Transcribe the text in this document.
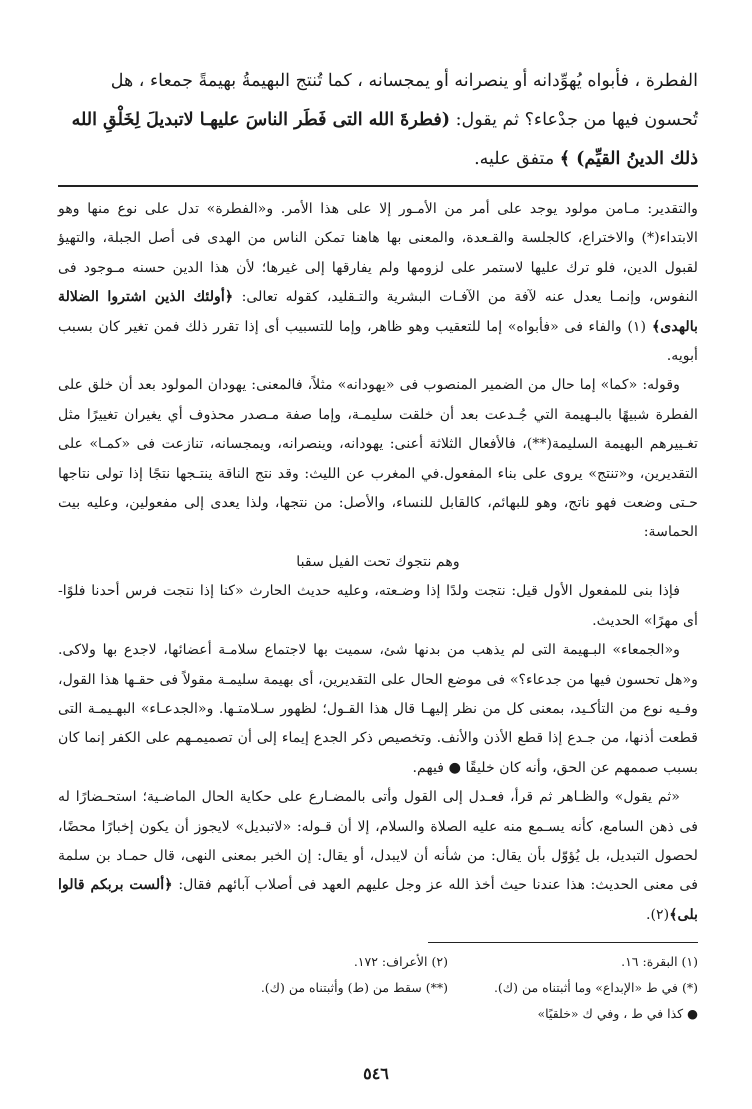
الفطرة ، فأبواه يُهوِّدانه أو ينصرانه أو يمجسانه ، كما تُنتج البهيمةُ بهيمةً جمعاء ، هل

تُحسون فيها من جدْعاء؟ ثم يقول: (فطرةَ الله التى فَطَر الناسَ عليهـا لاتبديلَ لِخَلْقِ الله

ذلك الدينُ القيِّم) ﴾ متفق عليه.

والتقدير: مـامن مولود يوجد على أمر من الأمـور إلا على هذا الأمر. و«الفطرة» تدل على نوع منها وهو الابتداء(*) والاختراع، كالجلسة والقـعدة، والمعنى بها هاهنا تمكن الناس من الهدى فى أصل الجبلة، والتهيؤ لقبول الدين، فلو ترك عليها لاستمر على لزومها ولم يفارقها إلى غيرها؛ لأن هذا الدين حسنه مـوجود فى النفوس، وإنمـا يعدل عنه لآفة من الآفـات البشرية والتـقليد، كقوله تعالى: ﴿أولئك الذين اشتروا الضلالة بالهدى﴾ (١) والفاء فى «فأبواه» إما للتعقيب وهو ظاهر، وإما للتسبيب أى إذا تقرر ذلك فمن تغير كان بسبب أبويه.

وقوله: «كما» إما حال من الضمير المنصوب فى «يهودانه» مثلاً، فالمعنى: يهودان المولود بعد أن خلق على الفطرة شبيهًا بالبـهيمة التي جُـدعت بعد أن خلقت سليمـة، وإما صفة مـصدر محذوف أي يغيران تغييرًا مثل تغـييرهم البهيمة السليمة(**)، فالأفعال الثلاثة أعنى: يهودانه، وينصرانه، ويمجسانه، تنازعت فى «كمـا» على التقديرين، و«تنتج» يروى على بناء المفعول.في المغرب عن الليث: وقد نتج الناقة ينتـجها نتجًا إذا تولى نتاجها حـتى وضعت فهو ناتج، وهو للبهائم، كالقابل للنساء، والأصل: من نتجها، ولذا يعدى إلى مفعولين، وعليه بيت الحماسة:

وهم نتجوك تحت الفيل سقبا

فإذا بنى للمفعول الأول قيل: نتجت ولدًا إذا وضـعته، وعليه حديث الحارث «كنا إذا نتجت فرس أحدنا فلوًا- أى مهرًا» الحديث.

و«الجمعاء» البـهيمة التى لم يذهب من بدنها شئ، سميت بها لاجتماع سلامـة أعضائها، لاجدع بها ولاكى. و«هل تحسون فيها من جدعاء؟» فى موضع الحال على التقديرين، أى بهيمة سليمـة مقولاً فى حقـها هذا القول، وفـيه نوع من التأكـيد، بمعنى كل من نظر إليهـا قال هذا القـول؛ لظهور سـلامتـها. و«الجدعـاء» البهـيمـة التى قطعت أذنها، من جـدع إذا قطع الأذن والأنف. وتخصيص ذكر الجدع إيماء إلى أن تصميمـهم على الكفر إنما كان بسبب صممهم عن الحق، وأنه كان خليقًا ● فيهم.

«ثم يقول» والظـاهر ثم قرأ، فعـدل إلى القول وأتى بالمضـارع على حكاية الحال الماضـية؛ استحـضارًا له فى ذهن السامع، كأنه يسـمع منه عليه الصلاة والسلام، إلا أن قـوله: «لاتبديل» لايجوز أن يكون إخبارًا محضًا، لحصول التبديل، بل يُؤوّل بأن يقال: من شأنه أن لايبدل، أو يقال: إن الخبر بمعنى النهى، قال حمـاد بن سلمة فى معنى الحديث: هذا عندنا حيث أخذ الله عز وجل عليهم العهد فى أصلاب آبائهم فقال: ﴿ألست بربكم قالوا بلى﴾(٢).

(١) البقرة: ١٦.
(٢) الأعراف: ١٧٢.
(*) في ط «الإبداع» وما أثبتناه من (ك).
(**) سقط من (ط) وأثبتناه من (ك).
● كذا في ط ، وفي ك «خلقيًا»
٥٤٦
